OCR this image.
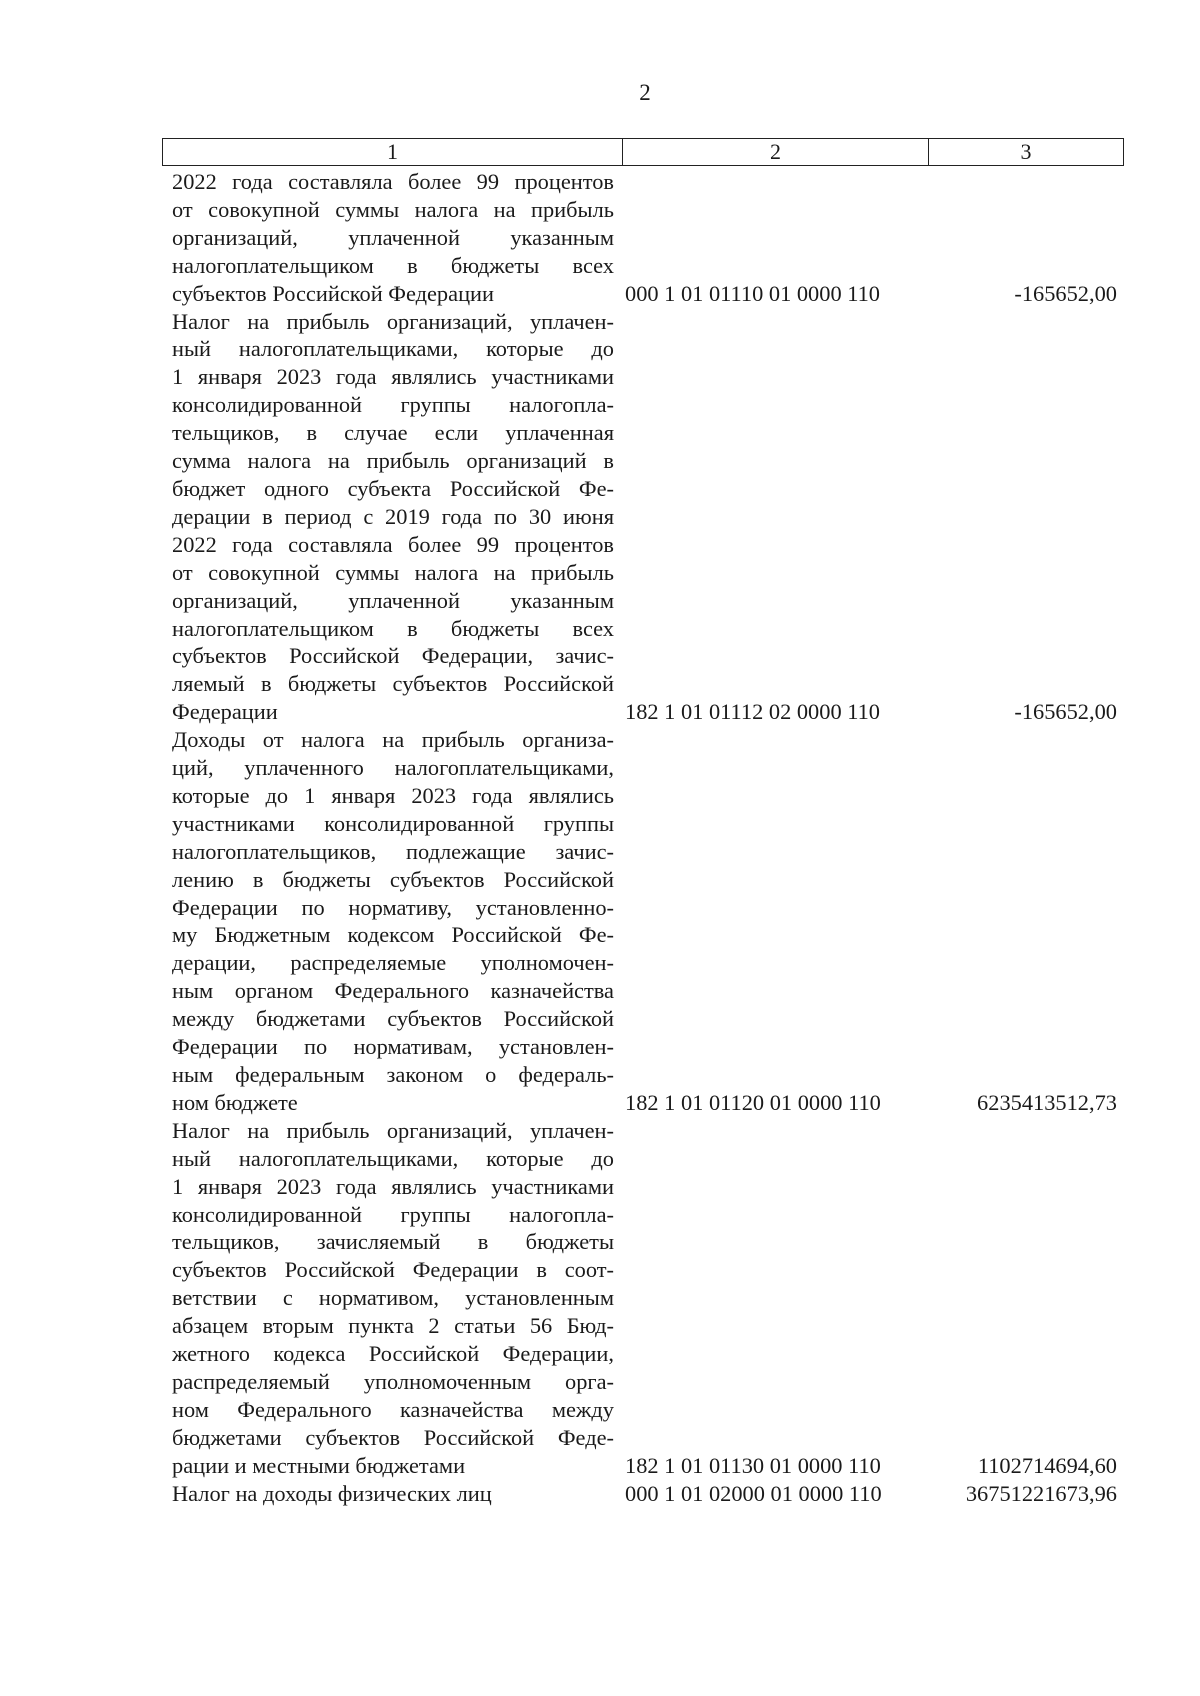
2
1	2	3
2022 года составляла более 99 процентов
от совокупной суммы налога на прибыль
организаций, уплаченной указанным
налогоплательщиком в бюджеты всех
субъектов Российской Федерации	000 1 01 01110 01 0000 110	-165652,00
Налог на прибыль организаций, уплачен-
ный налогоплательщиками, которые до
1 января 2023 года являлись участниками
консолидированной группы налогопла-
тельщиков, в случае если уплаченная
сумма налога на прибыль организаций в
бюджет одного субъекта Российской Фе-
дерации в период с 2019 года по 30 июня
2022 года составляла более 99 процентов
от совокупной суммы налога на прибыль
организаций, уплаченной указанным
налогоплательщиком в бюджеты всех
субъектов Российской Федерации, зачис-
ляемый в бюджеты субъектов Российской
Федерации	182 1 01 01112 02 0000 110	-165652,00
Доходы от налога на прибыль организа-
ций, уплаченного налогоплательщиками,
которые до 1 января 2023 года являлись
участниками консолидированной группы
налогоплательщиков, подлежащие зачис-
лению в бюджеты субъектов Российской
Федерации по нормативу, установленно-
му Бюджетным кодексом Российской Фе-
дерации, распределяемые уполномочен-
ным органом Федерального казначейства
между бюджетами субъектов Российской
Федерации по нормативам, установлен-
ным федеральным законом о федераль-
ном бюджете	182 1 01 01120 01 0000 110	6235413512,73
Налог на прибыль организаций, уплачен-
ный налогоплательщиками, которые до
1 января 2023 года являлись участниками
консолидированной группы налогопла-
тельщиков, зачисляемый в бюджеты
субъектов Российской Федерации в соот-
ветствии с нормативом, установленным
абзацем вторым пункта 2 статьи 56 Бюд-
жетного кодекса Российской Федерации,
распределяемый уполномоченным орга-
ном Федерального казначейства между
бюджетами субъектов Российской Феде-
рации и местными бюджетами	182 1 01 01130 01 0000 110	1102714694,60
Налог на доходы физических лиц	000 1 01 02000 01 0000 110	36751221673,96
